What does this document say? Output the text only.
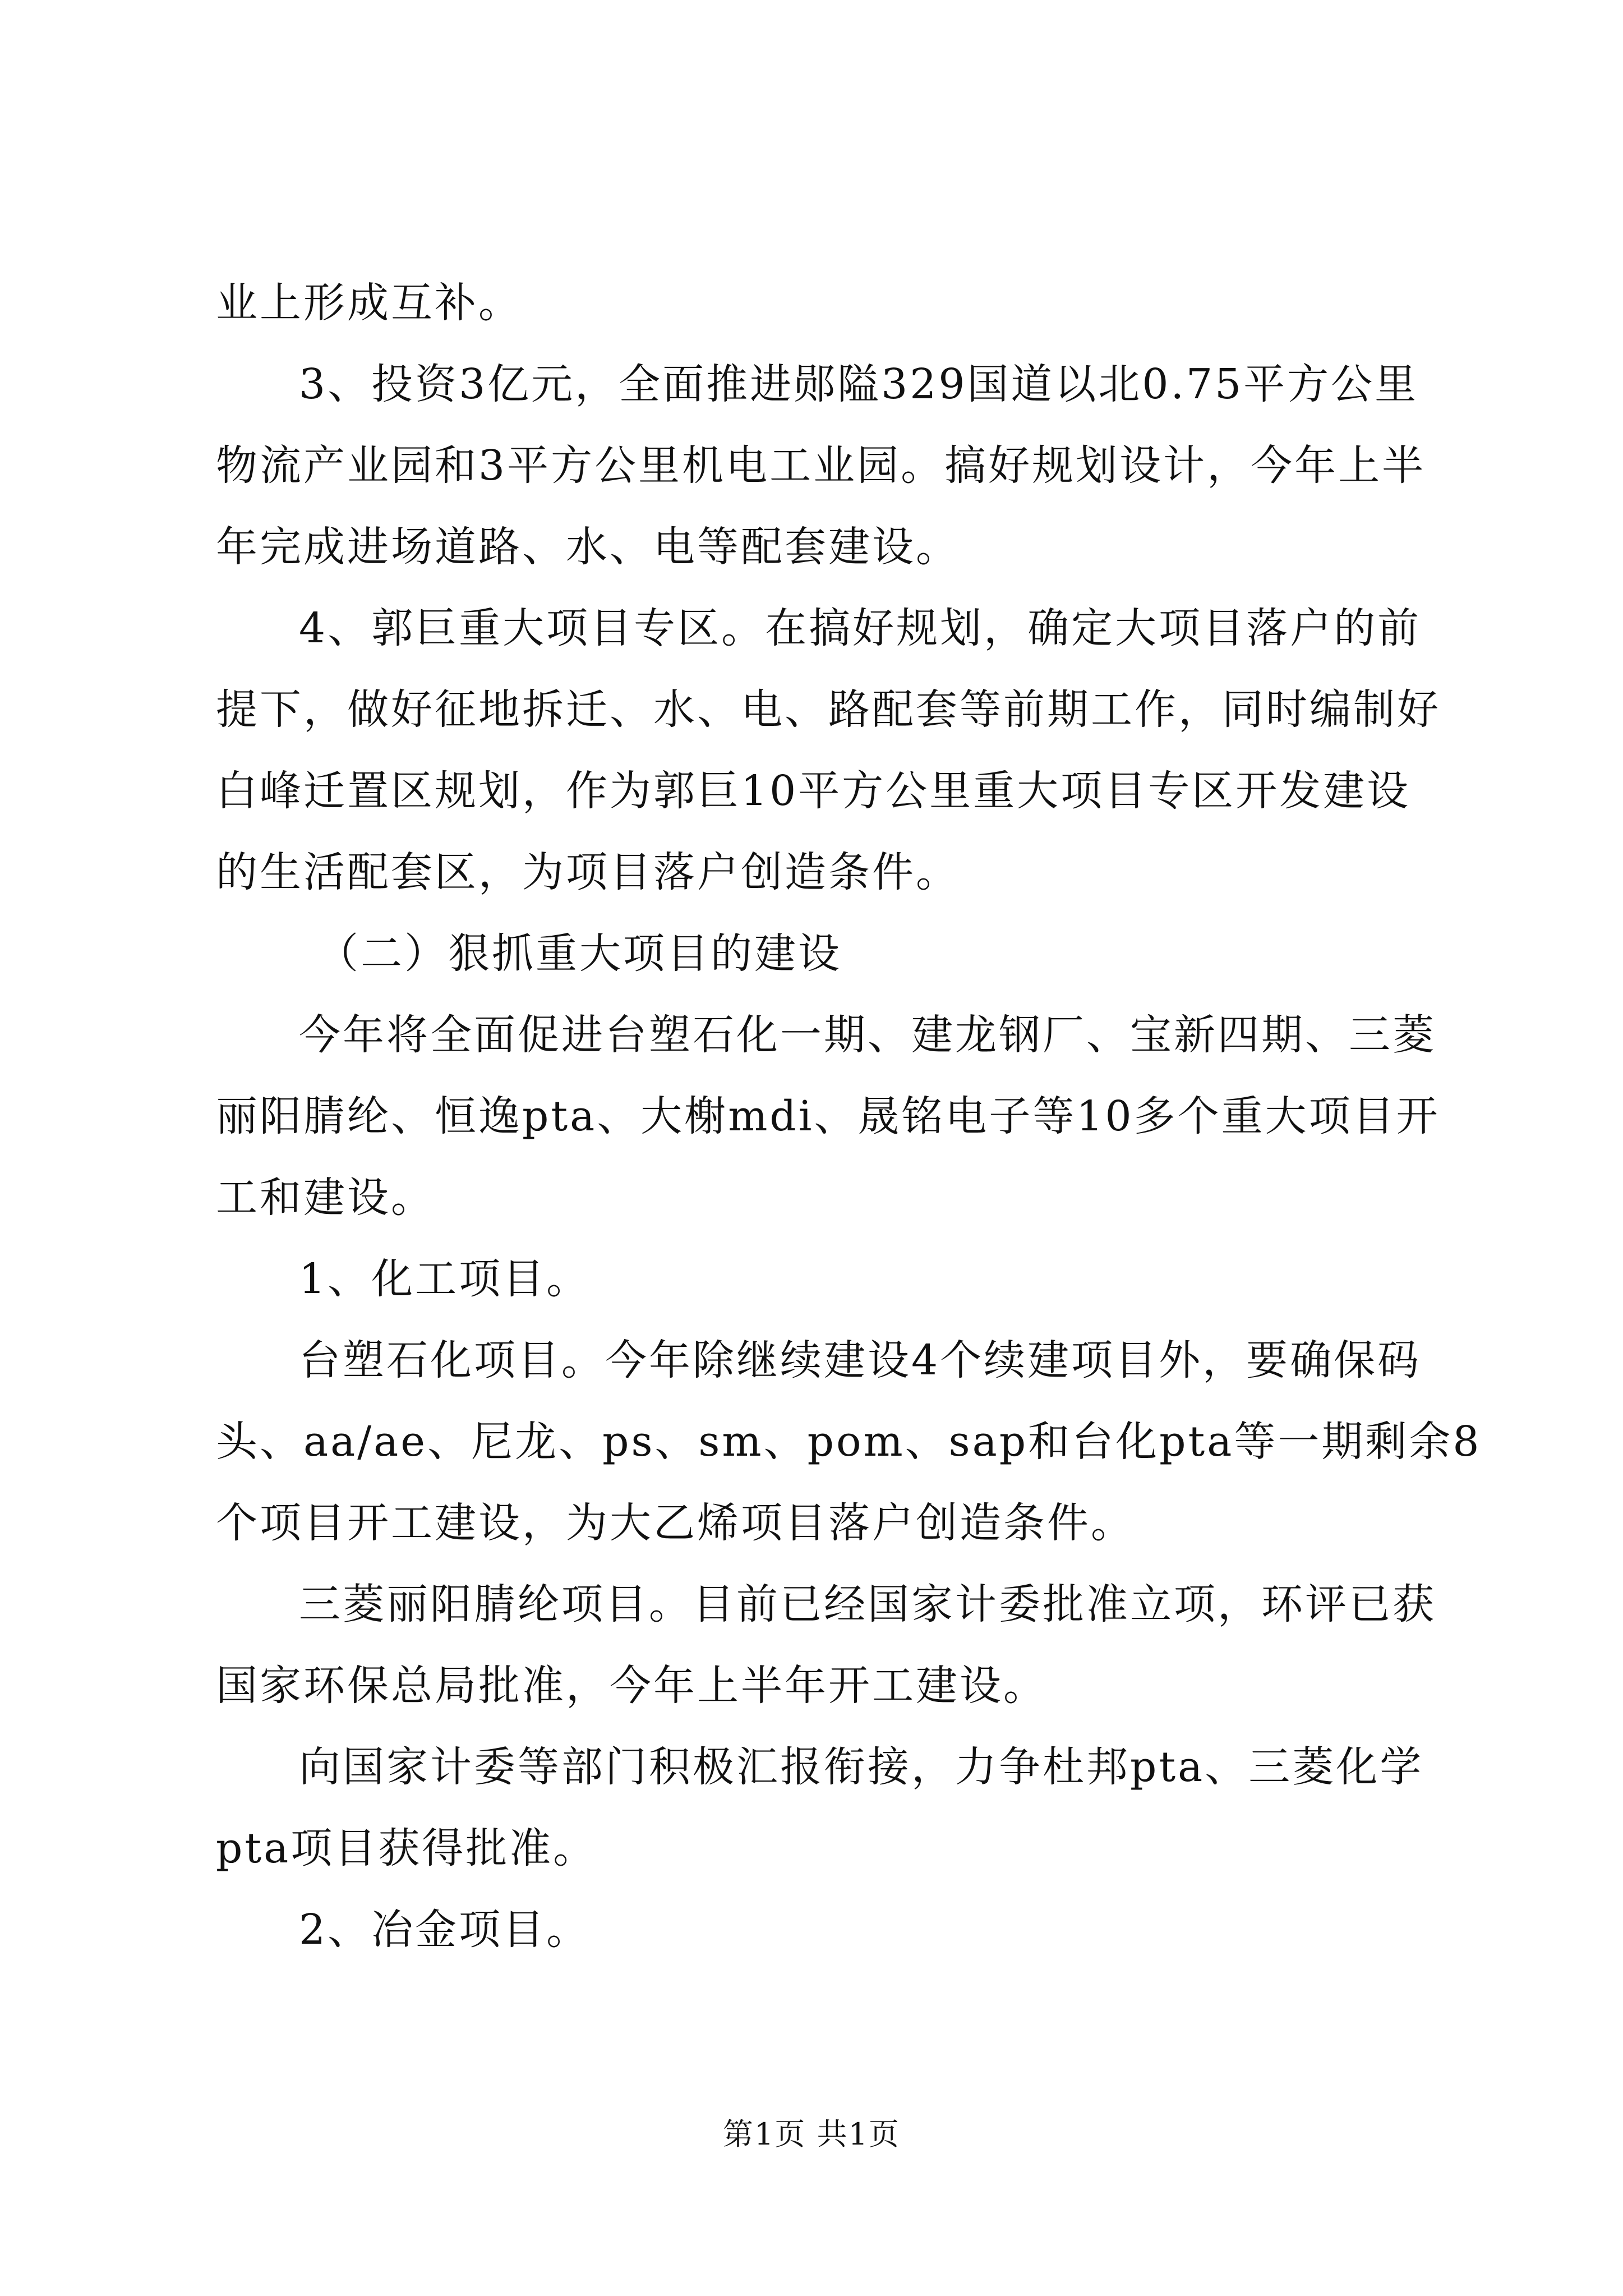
业上形成互补。
3、投资3亿元，全面推进郧隘329国道以北0.75平方公里
物流产业园和3平方公里机电工业园。搞好规划设计，今年上半
年完成进场道路、水、电等配套建设。
4、郭巨重大项目专区。在搞好规划，确定大项目落户的前
提下，做好征地拆迁、水、电、路配套等前期工作，同时编制好
白峰迁置区规划，作为郭巨10平方公里重大项目专区开发建设
的生活配套区，为项目落户创造条件。
（二）狠抓重大项目的建设
今年将全面促进台塑石化一期、建龙钢厂、宝新四期、三菱
丽阳腈纶、恒逸pta、大榭mdi、晟铭电子等10多个重大项目开
工和建设。
1、化工项目。
台塑石化项目。今年除继续建设4个续建项目外，要确保码
头、aa/ae、尼龙、ps、sm、pom、sap和台化pta等一期剩余8
个项目开工建设，为大乙烯项目落户创造条件。
三菱丽阳腈纶项目。目前已经国家计委批准立项，环评已获
国家环保总局批准，今年上半年开工建设。
向国家计委等部门积极汇报衔接，力争杜邦pta、三菱化学
pta项目获得批准。
2、冶金项目。
第1页 共1页
